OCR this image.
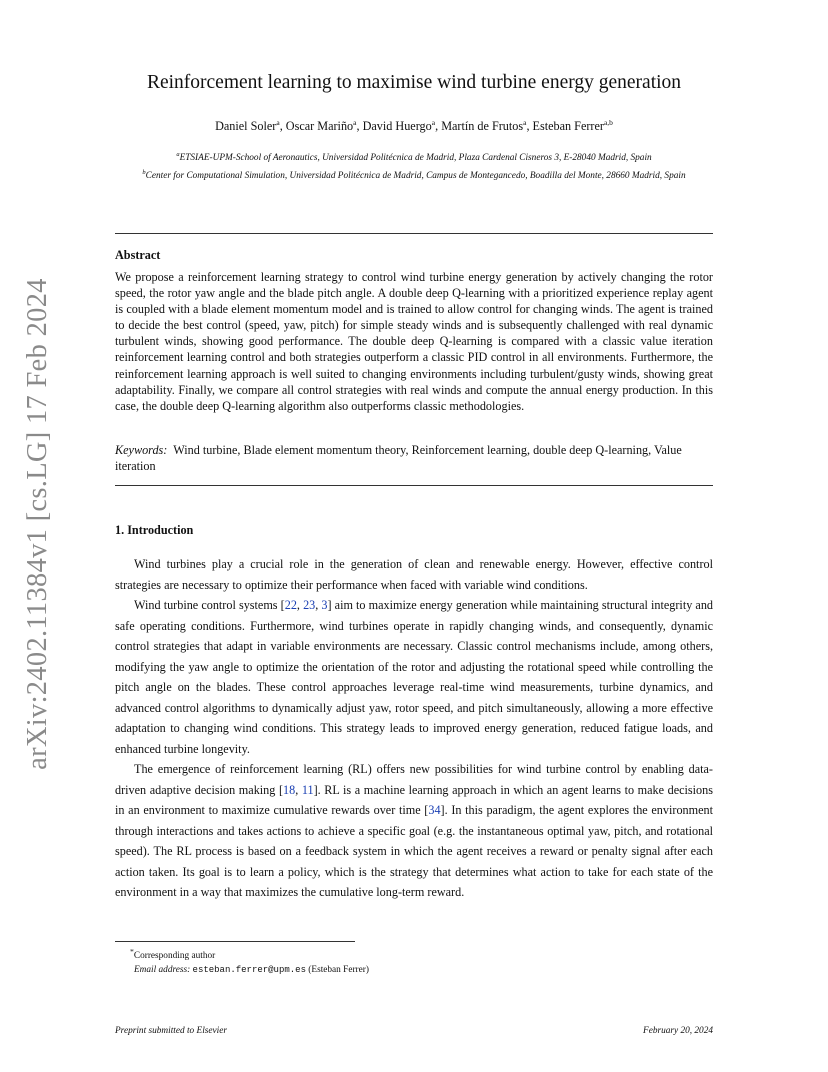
arXiv:2402.11384v1 [cs.LG] 17 Feb 2024
Reinforcement learning to maximise wind turbine energy generation
Daniel Soler$^a$, Oscar Mariño$^a$, David Huergo$^a$, Martín de Frutos$^a$, Esteban Ferrer$^{a,b}$
$^a$ETSIAE-UPM-School of Aeronautics, Universidad Politécnica de Madrid, Plaza Cardenal Cisneros 3, E-28040 Madrid, Spain
$^b$Center for Computational Simulation, Universidad Politécnica de Madrid, Campus de Montegancedo, Boadilla del Monte, 28660 Madrid, Spain
Abstract
We propose a reinforcement learning strategy to control wind turbine energy generation by actively changing the rotor speed, the rotor yaw angle and the blade pitch angle. A double deep Q-learning with a prioritized experience replay agent is coupled with a blade element momentum model and is trained to allow control for changing winds. The agent is trained to decide the best control (speed, yaw, pitch) for simple steady winds and is subsequently challenged with real dynamic turbulent winds, showing good performance. The double deep Q-learning is compared with a classic value iteration reinforcement learning control and both strategies outperform a classic PID control in all environments. Furthermore, the reinforcement learning approach is well suited to changing environments including turbulent/gusty winds, showing great adaptability. Finally, we compare all control strategies with real winds and compute the annual energy production. In this case, the double deep Q-learning algorithm also outperforms classic methodologies.
Keywords: Wind turbine, Blade element momentum theory, Reinforcement learning, double deep Q-learning, Value iteration
1. Introduction

Wind turbines play a crucial role in the generation of clean and renewable energy. However, effective control strategies are necessary to optimize their performance when faced with variable wind conditions.

Wind turbine control systems [22, 23, 3] aim to maximize energy generation while maintaining structural integrity and safe operating conditions. Furthermore, wind turbines operate in rapidly changing winds, and consequently, dynamic control strategies that adapt in variable environments are necessary. Classic control mechanisms include, among others, modifying the yaw angle to optimize the orientation of the rotor and adjusting the rotational speed while controlling the pitch angle on the blades. These control approaches leverage real-time wind measurements, turbine dynamics, and advanced control algorithms to dynamically adjust yaw, rotor speed, and pitch simultaneously, allowing a more effective adaptation to changing wind conditions. This strategy leads to improved energy generation, reduced fatigue loads, and enhanced turbine longevity.

The emergence of reinforcement learning (RL) offers new possibilities for wind turbine control by enabling data-driven adaptive decision making [18, 11]. RL is a machine learning approach in which an agent learns to make decisions in an environment to maximize cumulative rewards over time [34]. In this paradigm, the agent explores the environment through interactions and takes actions to achieve a specific goal (e.g. the instantaneous optimal yaw, pitch, and rotational speed). The RL process is based on a feedback system in which the agent receives a reward or penalty signal after each action taken. Its goal is to learn a policy, which is the strategy that determines what action to take for each state of the environment in a way that maximizes the cumulative long-term reward.

*Corresponding author
Email address: esteban.ferrer@upm.es (Esteban Ferrer)
Preprint submitted to Elsevier	February 20, 2024
